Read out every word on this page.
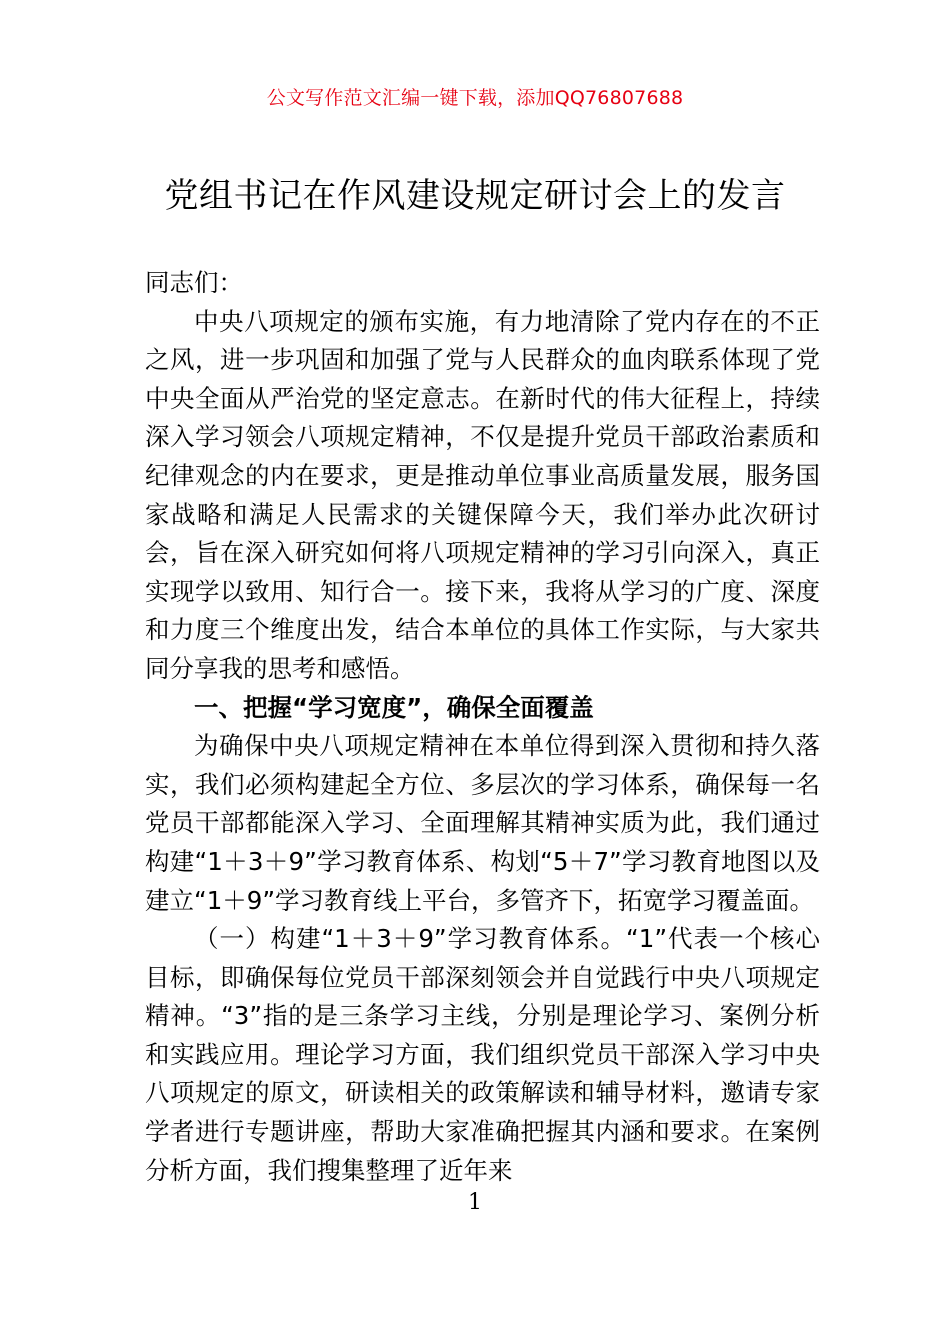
公文写作范文汇编一键下载，添加QQ76807688
党组书记在作风建设规定研讨会上的发言

同志们：

中央八项规定的颁布实施，有力地清除了党内存在的不正之风，进一步巩固和加强了党与人民群众的血肉联系体现了党中央全面从严治党的坚定意志。在新时代的伟大征程上，持续深入学习领会八项规定精神，不仅是提升党员干部政治素质和纪律观念的内在要求，更是推动单位事业高质量发展，服务国家战略和满足人民需求的关键保障今天，我们举办此次研讨会，旨在深入研究如何将八项规定精神的学习引向深入，真正实现学以致用、知行合一。接下来，我将从学习的广度、深度和力度三个维度出发，结合本单位的具体工作实际，与大家共同分享我的思考和感悟。

一、把握“学习宽度”，确保全面覆盖

为确保中央八项规定精神在本单位得到深入贯彻和持久落实，我们必须构建起全方位、多层次的学习体系，确保每一名党员干部都能深入学习、全面理解其精神实质为此，我们通过构建“1＋3＋9”学习教育体系、构划“5＋7”学习教育地图以及建立“1＋9”学习教育线上平台，多管齐下，拓宽学习覆盖面。

（一）构建“1＋3＋9”学习教育体系。“1”代表一个核心目标，即确保每位党员干部深刻领会并自觉践行中央八项规定精神。“3”指的是三条学习主线，分别是理论学习、案例分析和实践应用。理论学习方面，我们组织党员干部深入学习中央八项规定的原文，研读相关的政策解读和辅导材料，邀请专家学者进行专题讲座，帮助大家准确把握其内涵和要求。在案例分析方面，我们搜集整理了近年来

1
